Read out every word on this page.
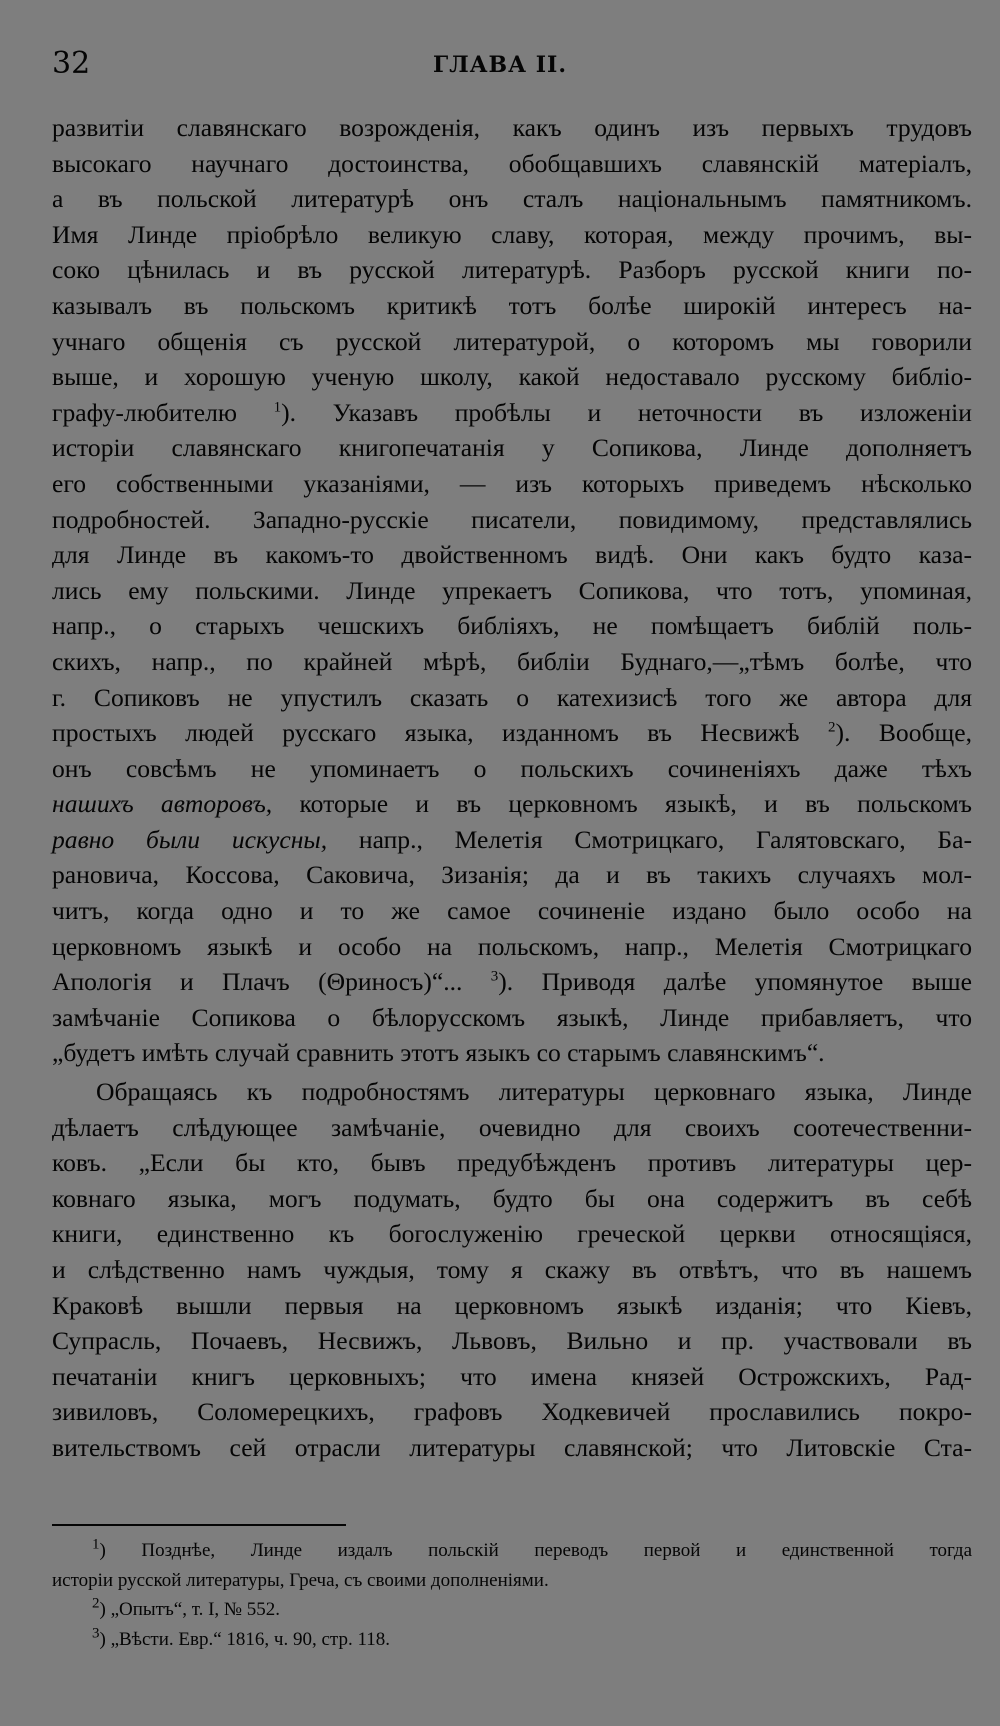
32	ГЛАВА II.
развитіи славянскаго возрожденія, какъ одинъ изъ первыхъ трудовъ
высокаго научнаго достоинства, обобщавшихъ славянскій матеріалъ,
а въ польской литературѣ онъ сталъ національнымъ памятникомъ.
Имя Линде пріобрѣло великую славу, которая, между прочимъ, вы-
соко цѣнилась и въ русской литературѣ. Разборъ русской книги по-
казывалъ въ польскомъ критикѣ тотъ болѣе широкій интересъ на-
учнаго общенія съ русской литературой, о которомъ мы говорили
выше, и хорошую ученую школу, какой недоставало русскому библіо-
графу-любителю $^1$). Указавъ пробѣлы и неточности въ изложеніи
исторіи славянскаго книгопечатанія у Сопикова, Линде дополняетъ
его собственными указаніями, — изъ которыхъ приведемъ нѣсколько
подробностей. Западно-русскіе писатели, повидимому, представлялись
для Линде въ какомъ-то двойственномъ видѣ. Они какъ будто каза-
лись ему польскими. Линде упрекаетъ Сопикова, что тотъ, упоминая,
напр., о старыхъ чешскихъ библіяхъ, не помѣщаетъ библій поль-
скихъ, напр., по крайней мѣрѣ, библіи Буднаго,—„тѣмъ болѣе, что
г. Сопиковъ не упустилъ сказать о катехизисѣ того же автора для
простыхъ людей русскаго языка, изданномъ въ Несвижѣ $^2$). Вообще,
онъ совсѣмъ не упоминаетъ о польскихъ сочиненіяхъ даже тѣхъ
нашихъ авторовъ, которые и въ церковномъ языкѣ, и въ польскомъ
равно были искусны, напр., Мелетія Смотрицкаго, Галятовскаго, Ба-
рановича, Коссова, Саковича, Зизанія; да и въ такихъ случаяхъ мол-
читъ, когда одно и то же самое сочиненіе издано было особо на
церковномъ языкѣ и особо на польскомъ, напр., Мелетія Смотрицкаго
Апологія и Плачъ (Θриносъ)“... $^3$). Приводя далѣе упомянутое выше
замѣчаніе Сопикова о бѣлорусскомъ языкѣ, Линде прибавляетъ, что
„будетъ имѣть случай сравнить этотъ языкъ со старымъ славянскимъ“.
Обращаясь къ подробностямъ литературы церковнаго языка, Линде
дѣлаетъ слѣдующее замѣчаніе, очевидно для своихъ соотечественни-
ковъ. „Если бы кто, бывъ предубѣжденъ противъ литературы цер-
ковнаго языка, могъ подумать, будто бы она содержитъ въ себѣ
книги, единственно къ богослуженію греческой церкви относящіяся,
и слѣдственно намъ чуждыя, тому я скажу въ отвѣтъ, что въ нашемъ
Краковѣ вышли первыя на церковномъ языкѣ изданія; что Кіевъ,
Супрасль, Почаевъ, Несвижъ, Львовъ, Вильно и пр. участвовали въ
печатаніи книгъ церковныхъ; что имена князей Острожскихъ, Рад-
зивиловъ, Соломерецкихъ, графовъ Ходкевичей прославились покро-
вительствомъ сей отрасли литературы славянской; что Литовскіе Ста-
$^1$) Позднѣе, Линде издалъ польскій переводъ первой и единственной тогда
исторіи русской литературы, Греча, съ своими дополненіями.
$^2$) „Опытъ“, т. I, № 552.
$^3$) „Вѣсти. Евр.“ 1816, ч. 90, стр. 118.
